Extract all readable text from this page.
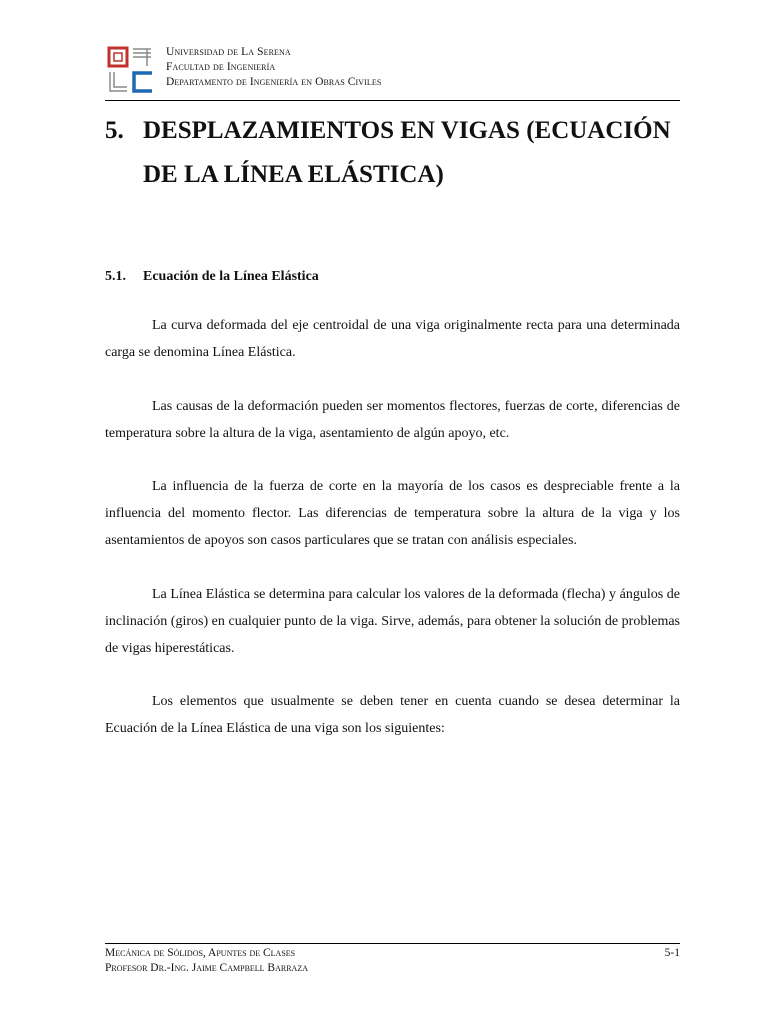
Universidad de La Serena
Facultad de Ingeniería
Departamento de Ingeniería en Obras Civiles
5. DESPLAZAMIENTOS EN VIGAS (ECUACIÓN DE LA LÍNEA ELÁSTICA)
5.1. Ecuación de la Línea Elástica

La curva deformada del eje centroidal de una viga originalmente recta para una determinada carga se denomina Línea Elástica.

Las causas de la deformación pueden ser momentos flectores, fuerzas de corte, diferencias de temperatura sobre la altura de la viga, asentamiento de algún apoyo, etc.

La influencia de la fuerza de corte en la mayoría de los casos es despreciable frente a la influencia del momento flector. Las diferencias de temperatura sobre la altura de la viga y los asentamientos de apoyos son casos particulares que se tratan con análisis especiales.

La Línea Elástica se determina para calcular los valores de la deformada (flecha) y ángulos de inclinación (giros) en cualquier punto de la viga. Sirve, además, para obtener la solución de problemas de vigas hiperestáticas.

Los elementos que usualmente se deben tener en cuenta cuando se desea determinar la Ecuación de la Línea Elástica de una viga son los siguientes:

Mecánica de Sólidos, Apuntes de Clases
Profesor Dr.-Ing. Jaime Campbell Barraza
5-1
